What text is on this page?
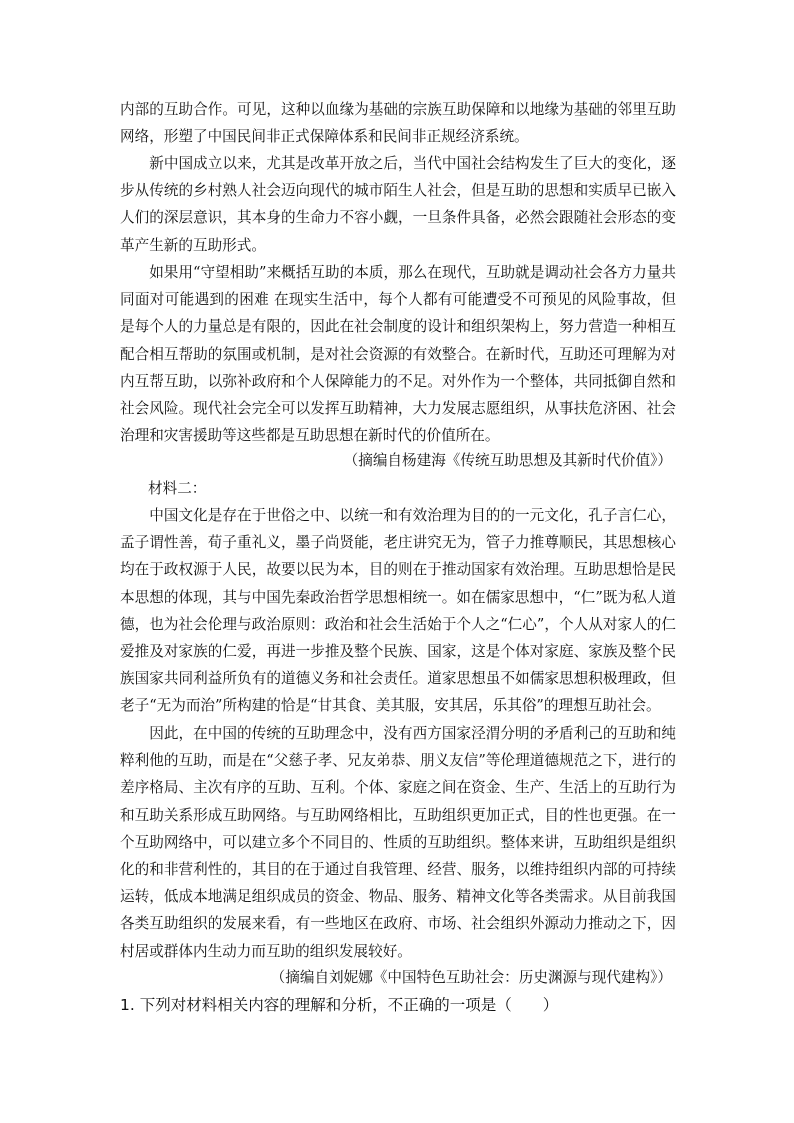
内部的互助合作。可见，这种以血缘为基础的宗族互助保障和以地缘为基础的邻里互助网络，形塑了中国民间非正式保障体系和民间非正规经济系统。

新中国成立以来，尤其是改革开放之后，当代中国社会结构发生了巨大的变化，逐步从传统的乡村熟人社会迈向现代的城市陌生人社会，但是互助的思想和实质早已嵌入人们的深层意识，其本身的生命力不容小觑，一旦条件具备，必然会跟随社会形态的变革产生新的互助形式。

如果用“守望相助”来概括互助的本质，那么在现代，互助就是调动社会各方力量共同面对可能遇到的困难 在现实生活中，每个人都有可能遭受不可预见的风险事故，但是每个人的力量总是有限的，因此在社会制度的设计和组织架构上，努力营造一种相互配合相互帮助的氛围或机制，是对社会资源的有效整合。在新时代，互助还可理解为对内互帮互助，以弥补政府和个人保障能力的不足。对外作为一个整体，共同抵御自然和社会风险。现代社会完全可以发挥互助精神，大力发展志愿组织，从事扶危济困、社会治理和灾害援助等这些都是互助思想在新时代的价值所在。

（摘编自杨建海《传统互助思想及其新时代价值》）

材料二：

中国文化是存在于世俗之中、以统一和有效治理为目的的一元文化，孔子言仁心，孟子谓性善，荀子重礼义，墨子尚贤能，老庄讲究无为，管子力推尊顺民，其思想核心均在于政权源于人民，故要以民为本，目的则在于推动国家有效治理。互助思想恰是民本思想的体现，其与中国先秦政治哲学思想相统一。如在儒家思想中，“仁”既为私人道德，也为社会伦理与政治原则：政治和社会生活始于个人之“仁心”，个人从对家人的仁爱推及对家族的仁爱，再进一步推及整个民族、国家，这是个体对家庭、家族及整个民族国家共同利益所负有的道德义务和社会责任。道家思想虽不如儒家思想积极理政，但老子“无为而治”所构建的恰是“甘其食、美其服，安其居，乐其俗”的理想互助社会。

因此，在中国的传统的互助理念中，没有西方国家泾渭分明的矛盾利己的互助和纯粹利他的互助，而是在“父慈子孝、兄友弟恭、朋义友信”等伦理道德规范之下，进行的差序格局、主次有序的互助、互利。个体、家庭之间在资金、生产、生活上的互助行为和互助关系形成互助网络。与互助网络相比，互助组织更加正式，目的性也更强。在一个互助网络中，可以建立多个不同目的、性质的互助组织。整体来讲，互助组织是组织化的和非营利性的，其目的在于通过自我管理、经营、服务，以维持组织内部的可持续运转，低成本地满足组织成员的资金、物品、服务、精神文化等各类需求。从目前我国各类互助组织的发展来看，有一些地区在政府、市场、社会组织外源动力推动之下，因村居或群体内生动力而互助的组织发展较好。

（摘编自刘妮娜《中国特色互助社会：历史渊源与现代建构》）

1. 下列对材料相关内容的理解和分析，不正确的一项是（　　）
